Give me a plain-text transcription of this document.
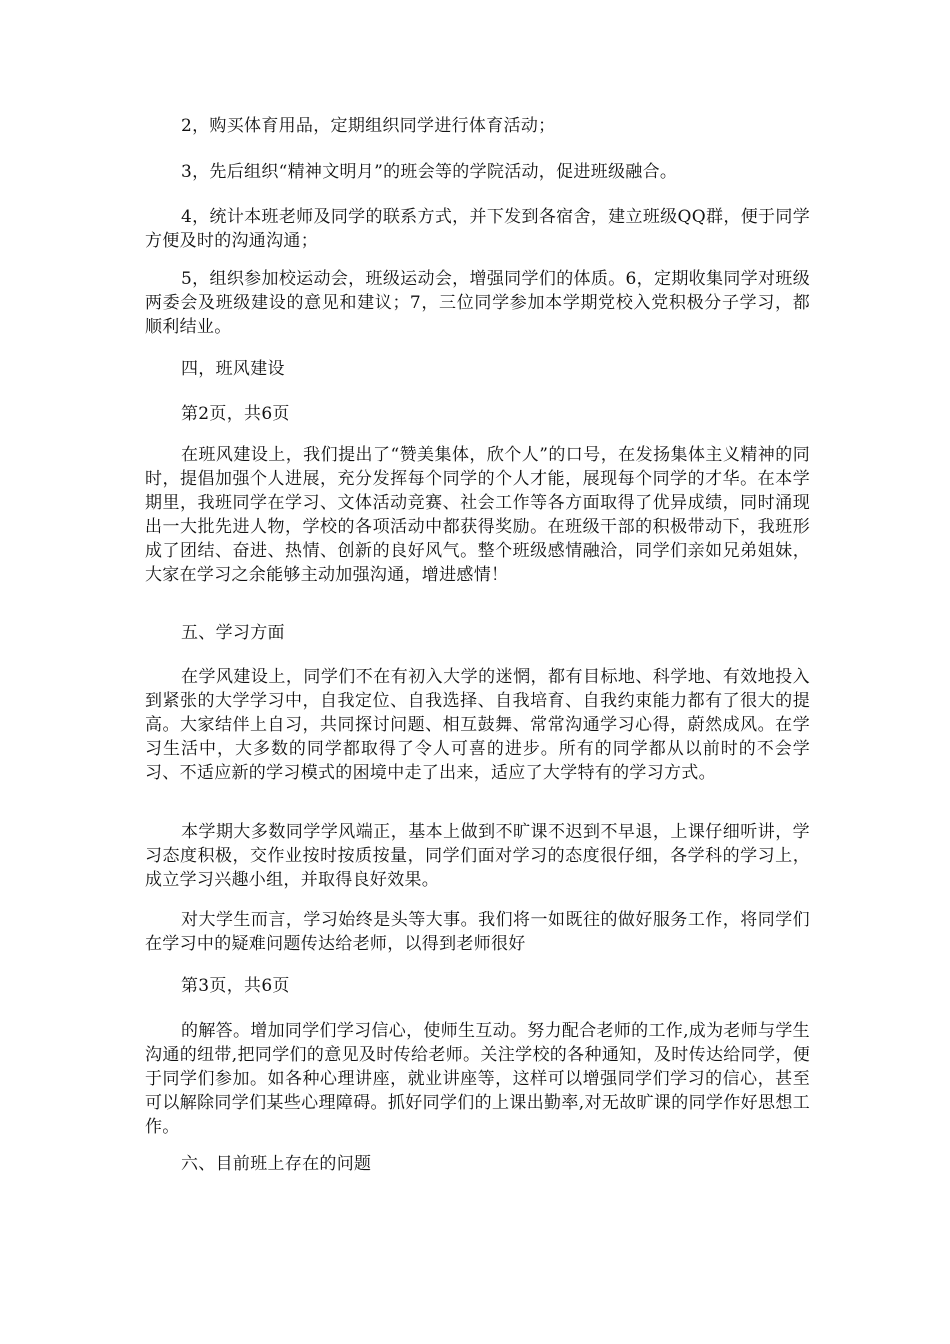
2，购买体育用品，定期组织同学进行体育活动；

3，先后组织“精神文明月”的班会等的学院活动，促进班级融合。

4，统计本班老师及同学的联系方式，并下发到各宿舍，建立班级QQ群，便于同学方便及时的沟通沟通；

5，组织参加校运动会，班级运动会，增强同学们的体质。6，定期收集同学对班级两委会及班级建设的意见和建议；7，三位同学参加本学期党校入党积极分子学习，都顺利结业。

四，班风建设

第2页，共6页

在班风建设上，我们提出了“赞美集体，欣个人”的口号，在发扬集体主义精神的同时，提倡加强个人进展，充分发挥每个同学的个人才能，展现每个同学的才华。在本学期里，我班同学在学习、文体活动竞赛、社会工作等各方面取得了优异成绩，同时涌现出一大批先进人物，学校的各项活动中都获得奖励。在班级干部的积极带动下，我班形成了团结、奋进、热情、创新的良好风气。整个班级感情融洽，同学们亲如兄弟姐妹，大家在学习之余能够主动加强沟通，增进感情！

五、学习方面

在学风建设上，同学们不在有初入大学的迷惘，都有目标地、科学地、有效地投入到紧张的大学学习中，自我定位、自我选择、自我培育、自我约束能力都有了很大的提高。大家结伴上自习，共同探讨问题、相互鼓舞、常常沟通学习心得，蔚然成风。在学习生活中，大多数的同学都取得了令人可喜的进步。所有的同学都从以前时的不会学习、不适应新的学习模式的困境中走了出来，适应了大学特有的学习方式。

本学期大多数同学学风端正，基本上做到不旷课不迟到不早退，上课仔细听讲，学习态度积极，交作业按时按质按量，同学们面对学习的态度很仔细，各学科的学习上，成立学习兴趣小组，并取得良好效果。

对大学生而言，学习始终是头等大事。我们将一如既往的做好服务工作，将同学们在学习中的疑难问题传达给老师，以得到老师很好

第3页，共6页

的解答。增加同学们学习信心，使师生互动。努力配合老师的工作,成为老师与学生沟通的纽带,把同学们的意见及时传给老师。关注学校的各种通知，及时传达给同学，便于同学们参加。如各种心理讲座，就业讲座等，这样可以增强同学们学习的信心，甚至可以解除同学们某些心理障碍。抓好同学们的上课出勤率,对无故旷课的同学作好思想工作。

六、目前班上存在的问题
